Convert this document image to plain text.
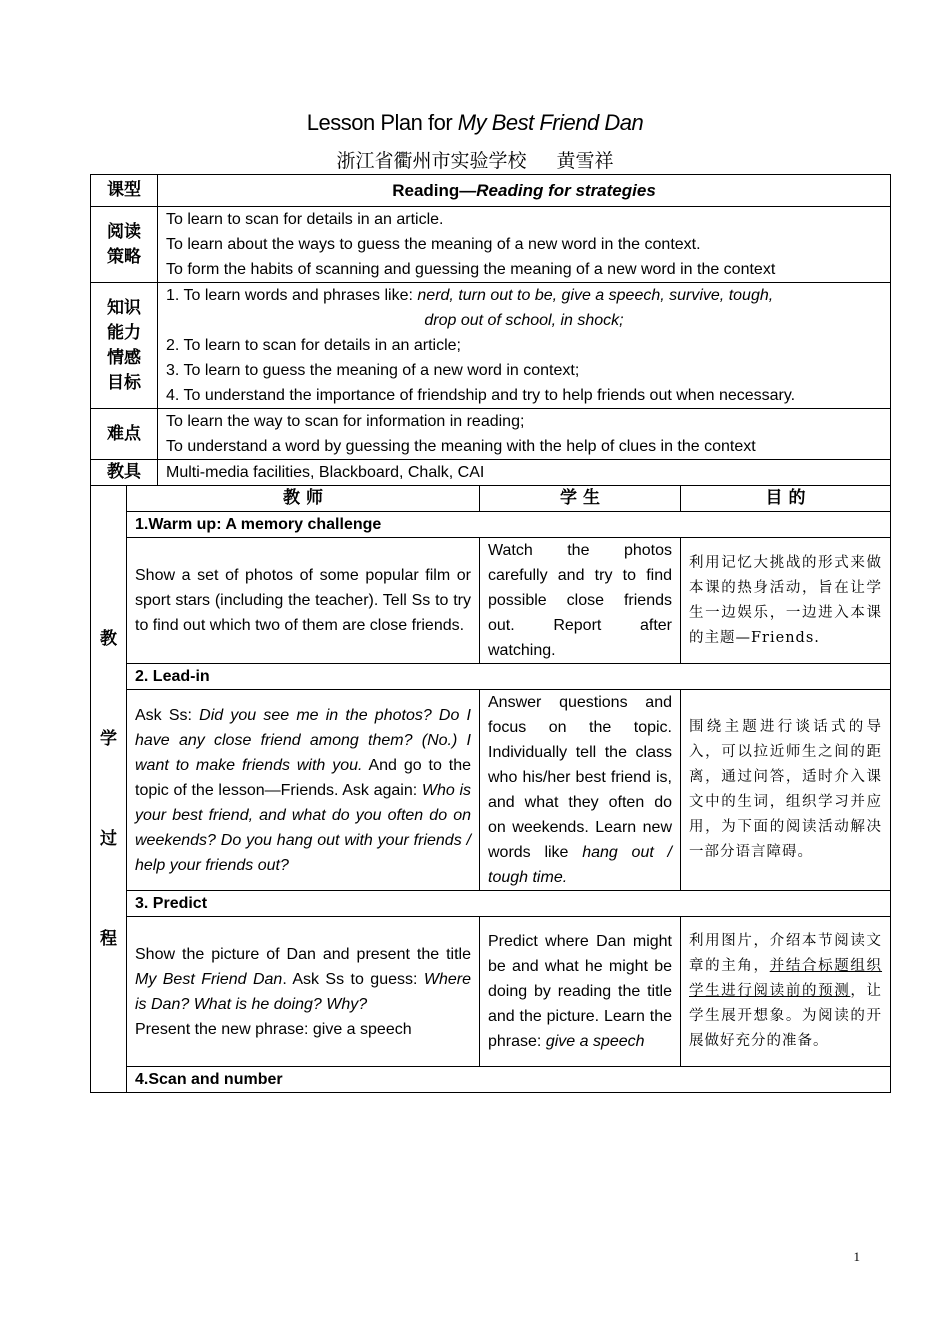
Lesson Plan for My Best Friend Dan
浙江省衢州市实验学校 黄雪祥
课型		Reading—Reading for strategies		
阅读策略		To learn to scan for details in an article.
To learn about the ways to guess the meaning of a new word in the context.
To form the habits of scanning and guessing the meaning of a new word in the context		

知识能力情感目标		1. To learn words and phrases like: nerd, turn out to be, give a speech, survive, tough,
drop out of school, in shock;
2. To learn to scan for details in an article;
3. To learn to guess the meaning of a new word in context;
4. To understand the importance of friendship and try to help friends out when necessary.		

难点		To learn the way to scan for information in reading;
To understand a word by guessing the meaning with the help of clues in the context		

教具		Multi-media facilities, Blackboard, Chalk, CAI		

教
学
过
程	教 师		学 生	目 的
	1.Warm up: A memory challenge			
	Show a set of photos of some popular film or sport stars (including the teacher). Tell Ss to try to find out which two of them are close friends.		Watch the photos carefully and try to find possible close friends out. Report after watching.	利用记忆大挑战的形式来做本课的热身活动，旨在让学生一边娱乐，一边进入本课的主题—Friends.
	2. Lead-in			
	Ask Ss: Did you see me in the photos? Do I have any close friend among them? (No.) I want to make friends with you. And go to the topic of the lesson—Friends. Ask again: Who is your best friend, and what do you often do on weekends? Do you hang out with your friends / help your friends out?		Answer questions and focus on the topic. Individually tell the class who his/her best friend is, and what they often do on weekends. Learn new words like hang out / tough time.	围绕主题进行谈话式的导入，可以拉近师生之间的距离，通过问答，适时介入课文中的生词，组织学习并应用，为下面的阅读活动解决一部分语言障碍。
	3. Predict			
	Show the picture of Dan and present the title My Best Friend Dan. Ask Ss to guess: Where is Dan? What is he doing? Why?
Present the new phrase: give a speech		Predict where Dan might be and what he might be doing by reading the title and the picture. Learn the phrase: give a speech	利用图片，介绍本节阅读文章的主角，并结合标题组织学生进行阅读前的预测，让学生展开想象。为阅读的开展做好充分的准备。
	4.Scan and number			
1
